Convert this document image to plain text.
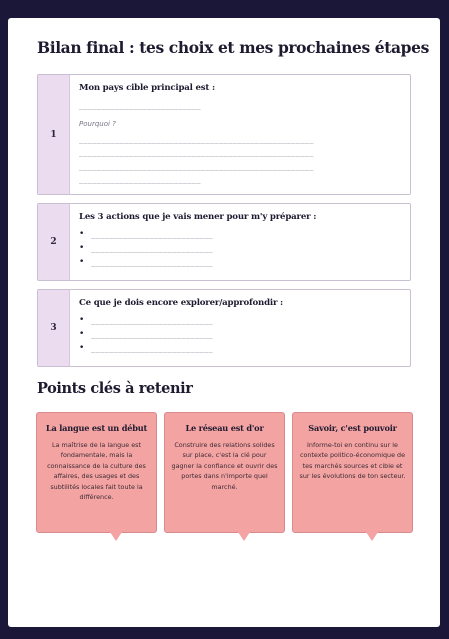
Bilan final : tes choix et mes prochaines étapes
1
Mon pays cible principal est :
___________________________
Pourquoi ?
____________________________________________________
____________________________________________________
____________________________________________________
___________________________
2
Les 3 actions que je vais mener pour m'y préparer :
• ___________________________
• ___________________________
• ___________________________
3
Ce que je dois encore explorer/approfondir :
• ___________________________
• ___________________________
• ___________________________
Points clés à retenir
La langue est un début
La maîtrise de la langue est fondamentale, mais la connaissance de la culture des affaires, des usages et des subtilités locales fait toute la différence.
Le réseau est d'or
Construire des relations solides sur place, c'est la clé pour gagner la confiance et ouvrir des portes dans n'importe quel marché.
Savoir, c'est pouvoir
Informe-toi en continu sur le contexte politico-économique de tes marchés sources et cible et sur les évolutions de ton secteur.
